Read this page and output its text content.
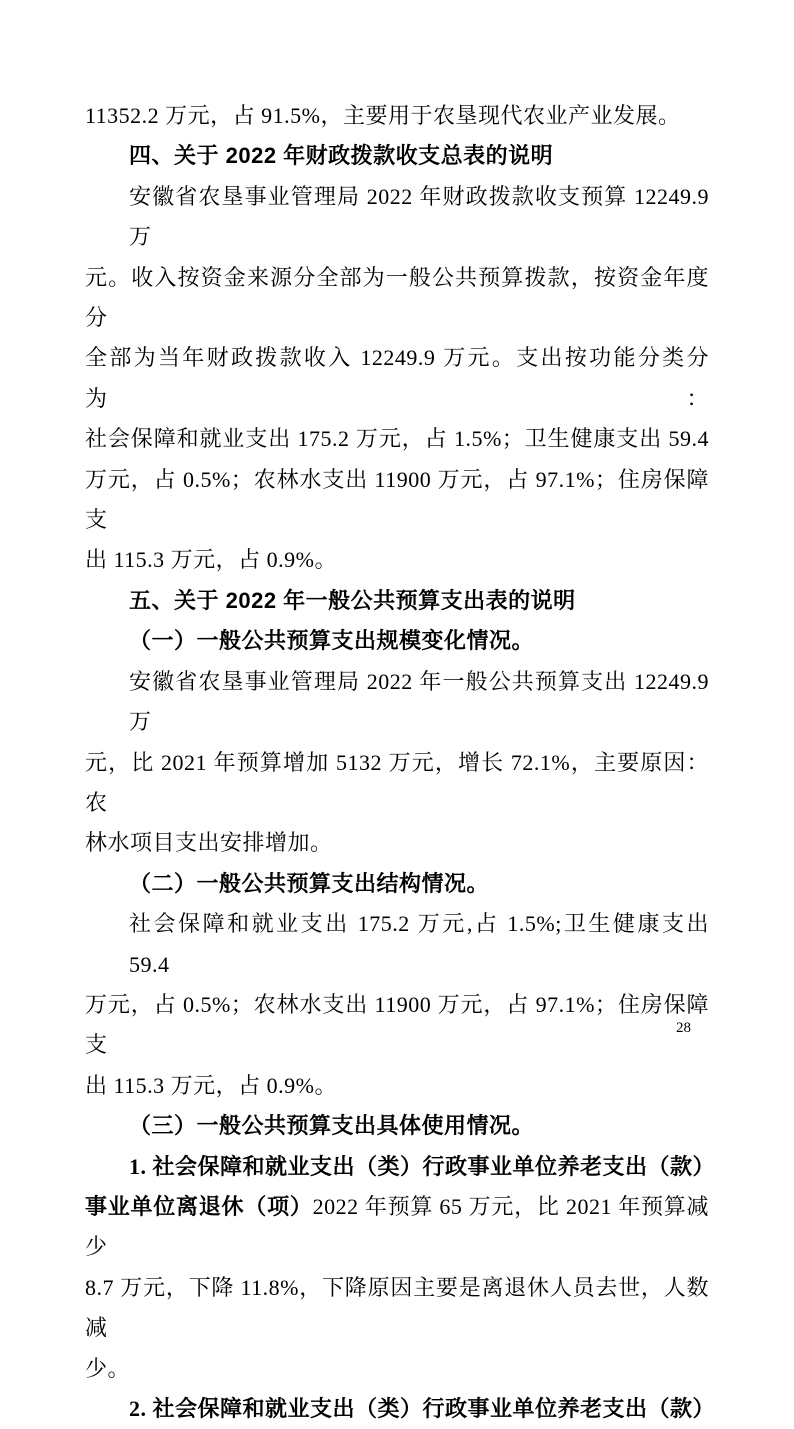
11352.2 万元，占 91.5%，主要用于农垦现代农业产业发展。
四、关于 2022 年财政拨款收支总表的说明
安徽省农垦事业管理局 2022 年财政拨款收支预算 12249.9 万
元。收入按资金来源分全部为一般公共预算拨款，按资金年度分
全部为当年财政拨款收入 12249.9 万元。支出按功能分类分为：
社会保障和就业支出 175.2 万元，占 1.5%；卫生健康支出 59.4
万元，占 0.5%；农林水支出 11900 万元，占 97.1%；住房保障支
出 115.3 万元，占 0.9%。
五、关于 2022 年一般公共预算支出表的说明
（一）一般公共预算支出规模变化情况。
安徽省农垦事业管理局 2022 年一般公共预算支出 12249.9 万
元，比 2021 年预算增加 5132 万元，增长 72.1%，主要原因：农
林水项目支出安排增加。
（二）一般公共预算支出结构情况。
社会保障和就业支出 175.2 万元,占 1.5%;卫生健康支出 59.4
万元，占 0.5%；农林水支出 11900 万元，占 97.1%；住房保障支
出 115.3 万元，占 0.9%。
（三）一般公共预算支出具体使用情况。
1. 社会保障和就业支出（类）行政事业单位养老支出（款）
事业单位离退休（项）2022 年预算 65 万元，比 2021 年预算减少
8.7 万元，下降 11.8%，下降原因主要是离退休人员去世，人数减
少。
2. 社会保障和就业支出（类）行政事业单位养老支出（款）
28
